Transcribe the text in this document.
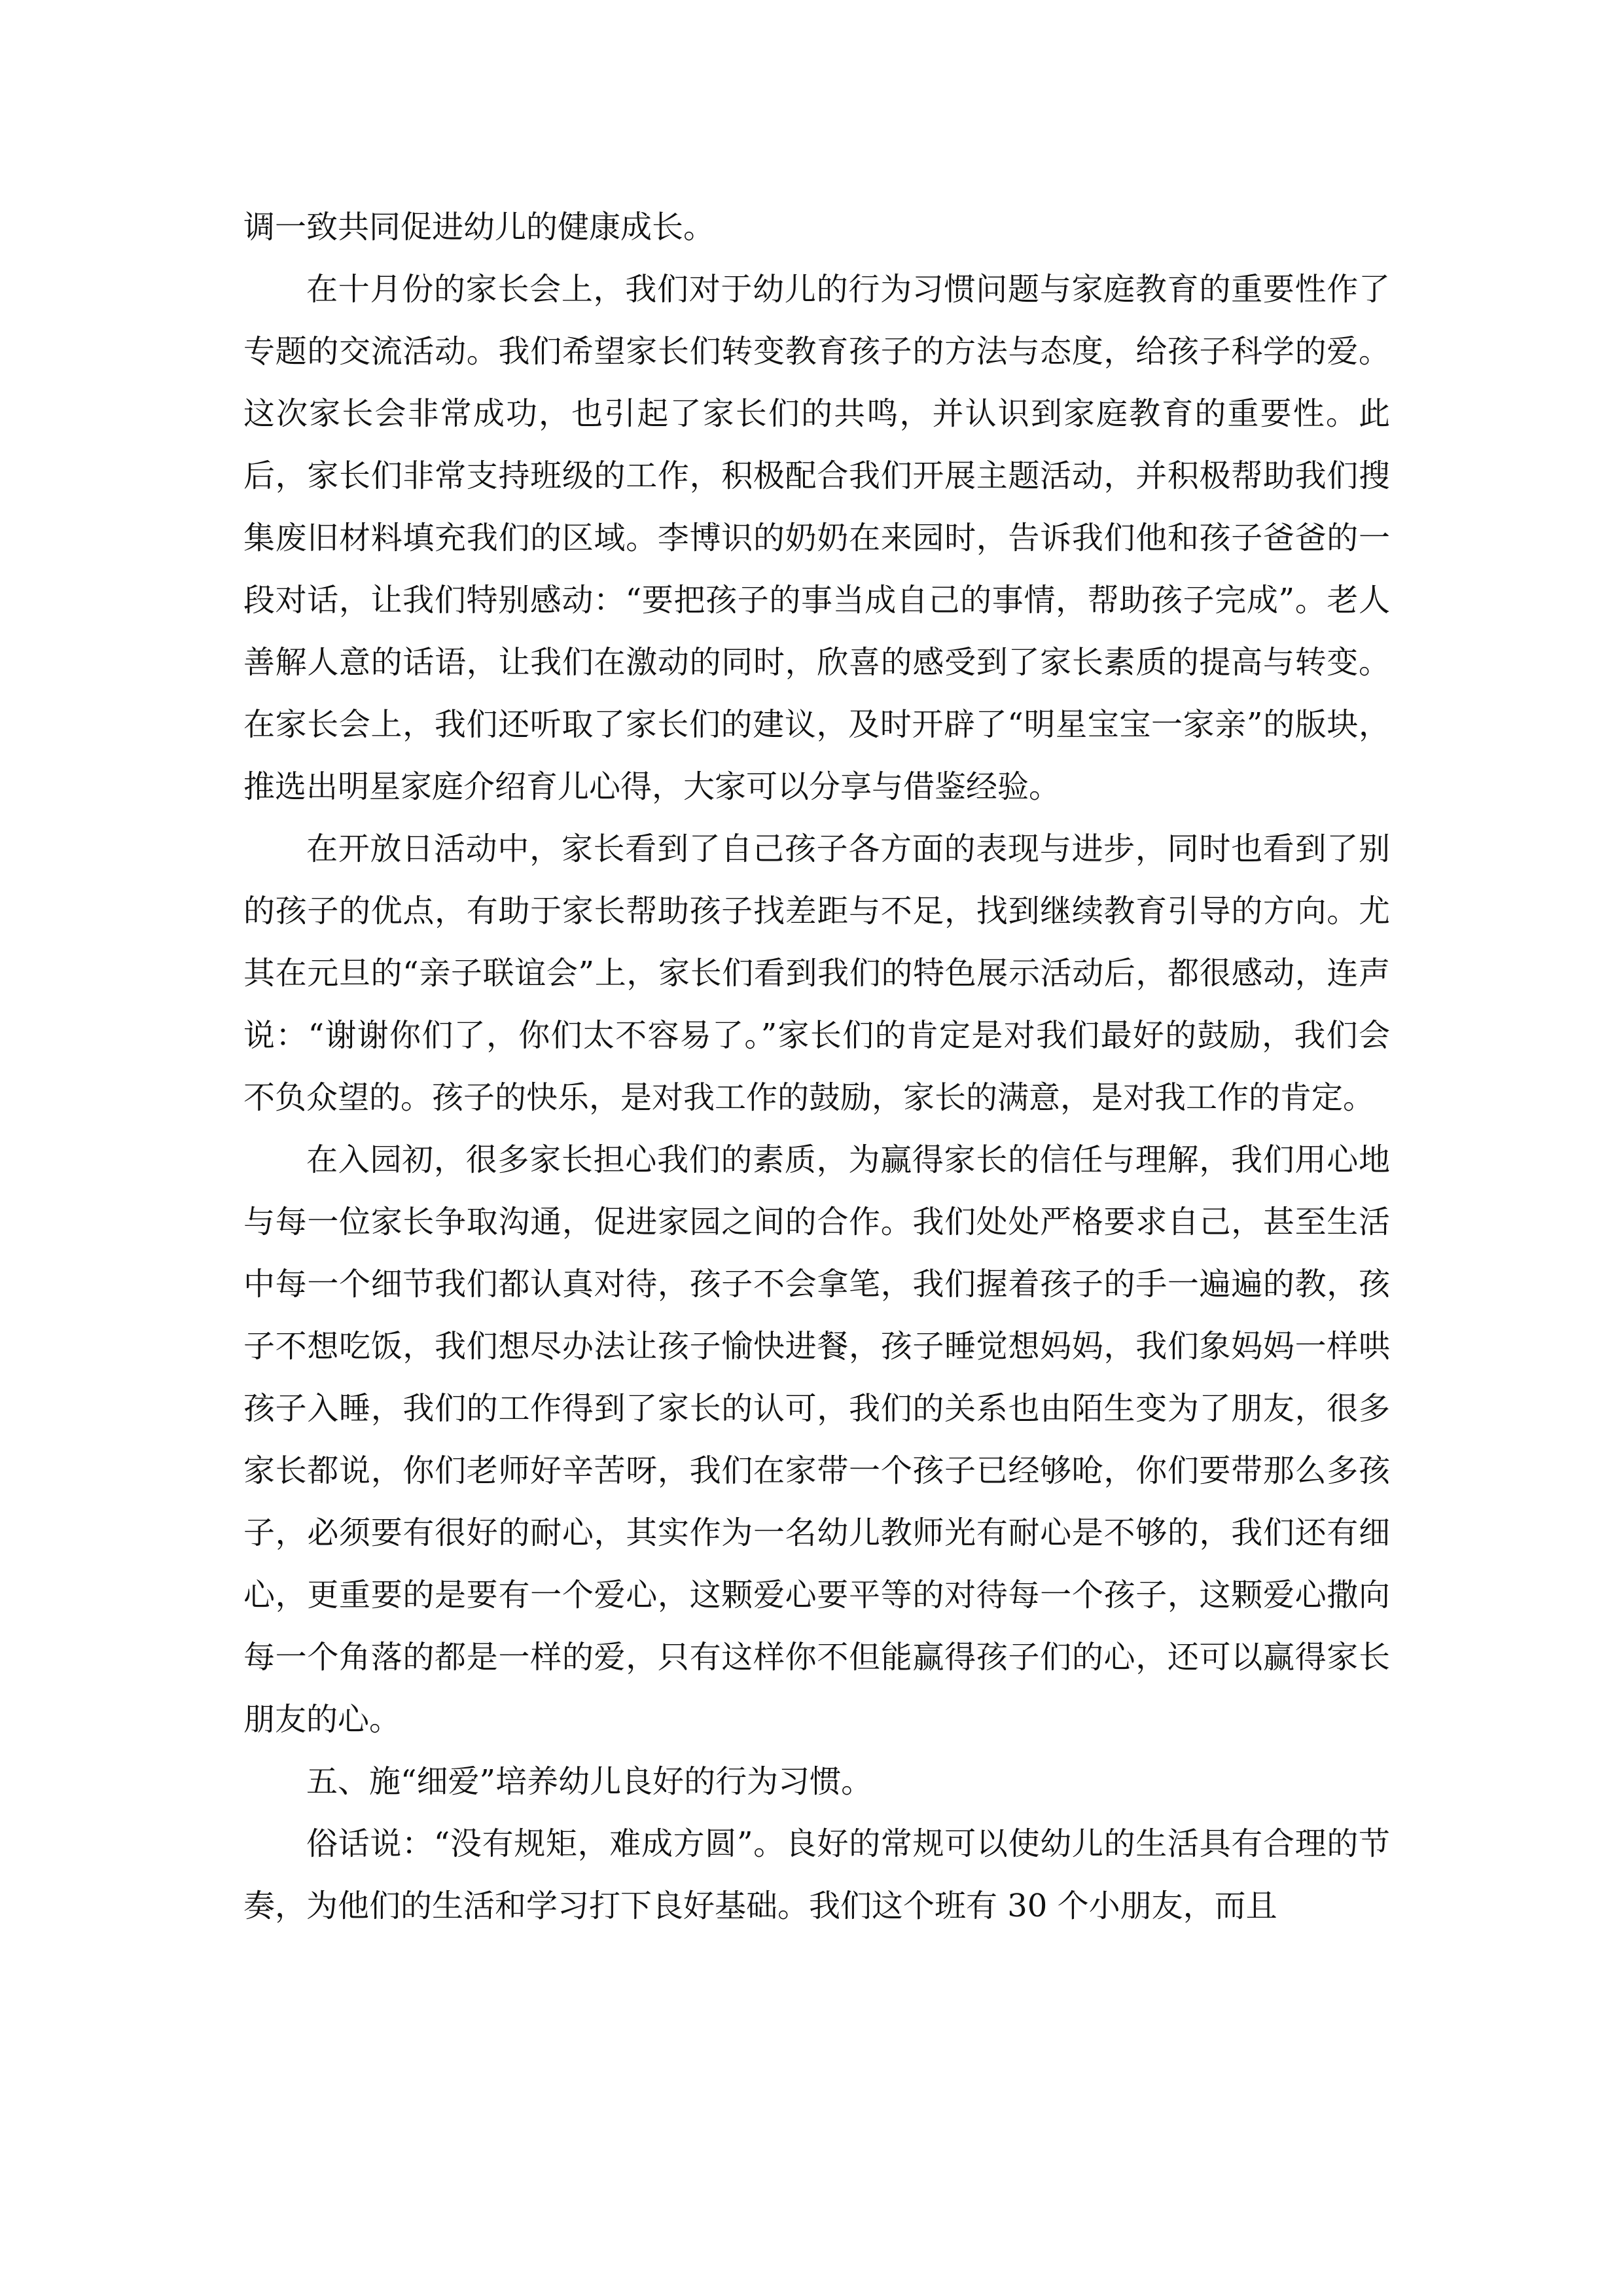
调一致共同促进幼儿的健康成长。

在十月份的家长会上，我们对于幼儿的行为习惯问题与家庭教育的重要性作了专题的交流活动。我们希望家长们转变教育孩子的方法与态度，给孩子科学的爱。这次家长会非常成功，也引起了家长们的共鸣，并认识到家庭教育的重要性。此后，家长们非常支持班级的工作，积极配合我们开展主题活动，并积极帮助我们搜集废旧材料填充我们的区域。李博识的奶奶在来园时，告诉我们他和孩子爸爸的一段对话，让我们特别感动：“要把孩子的事当成自己的事情，帮助孩子完成”。老人善解人意的话语，让我们在激动的同时，欣喜的感受到了家长素质的提高与转变。在家长会上，我们还听取了家长们的建议，及时开辟了“明星宝宝一家亲”的版块，推选出明星家庭介绍育儿心得，大家可以分享与借鉴经验。

在开放日活动中，家长看到了自己孩子各方面的表现与进步，同时也看到了别的孩子的优点，有助于家长帮助孩子找差距与不足，找到继续教育引导的方向。尤其在元旦的“亲子联谊会”上，家长们看到我们的特色展示活动后，都很感动，连声说：“谢谢你们了，你们太不容易了。”家长们的肯定是对我们最好的鼓励，我们会不负众望的。孩子的快乐，是对我工作的鼓励，家长的满意，是对我工作的肯定。

在入园初，很多家长担心我们的素质，为赢得家长的信任与理解，我们用心地与每一位家长争取沟通，促进家园之间的合作。我们处处严格要求自己，甚至生活中每一个细节我们都认真对待，孩子不会拿笔，我们握着孩子的手一遍遍的教，孩子不想吃饭，我们想尽办法让孩子愉快进餐，孩子睡觉想妈妈，我们象妈妈一样哄孩子入睡，我们的工作得到了家长的认可，我们的关系也由陌生变为了朋友，很多家长都说，你们老师好辛苦呀，我们在家带一个孩子已经够呛，你们要带那么多孩子，必须要有很好的耐心，其实作为一名幼儿教师光有耐心是不够的，我们还有细心，更重要的是要有一个爱心，这颗爱心要平等的对待每一个孩子，这颗爱心撒向每一个角落的都是一样的爱，只有这样你不但能赢得孩子们的心，还可以赢得家长朋友的心。

五、施“细爱”培养幼儿良好的行为习惯。

俗话说：“没有规矩，难成方圆”。良好的常规可以使幼儿的生活具有合理的节奏，为他们的生活和学习打下良好基础。我们这个班有 30 个小朋友，而且
